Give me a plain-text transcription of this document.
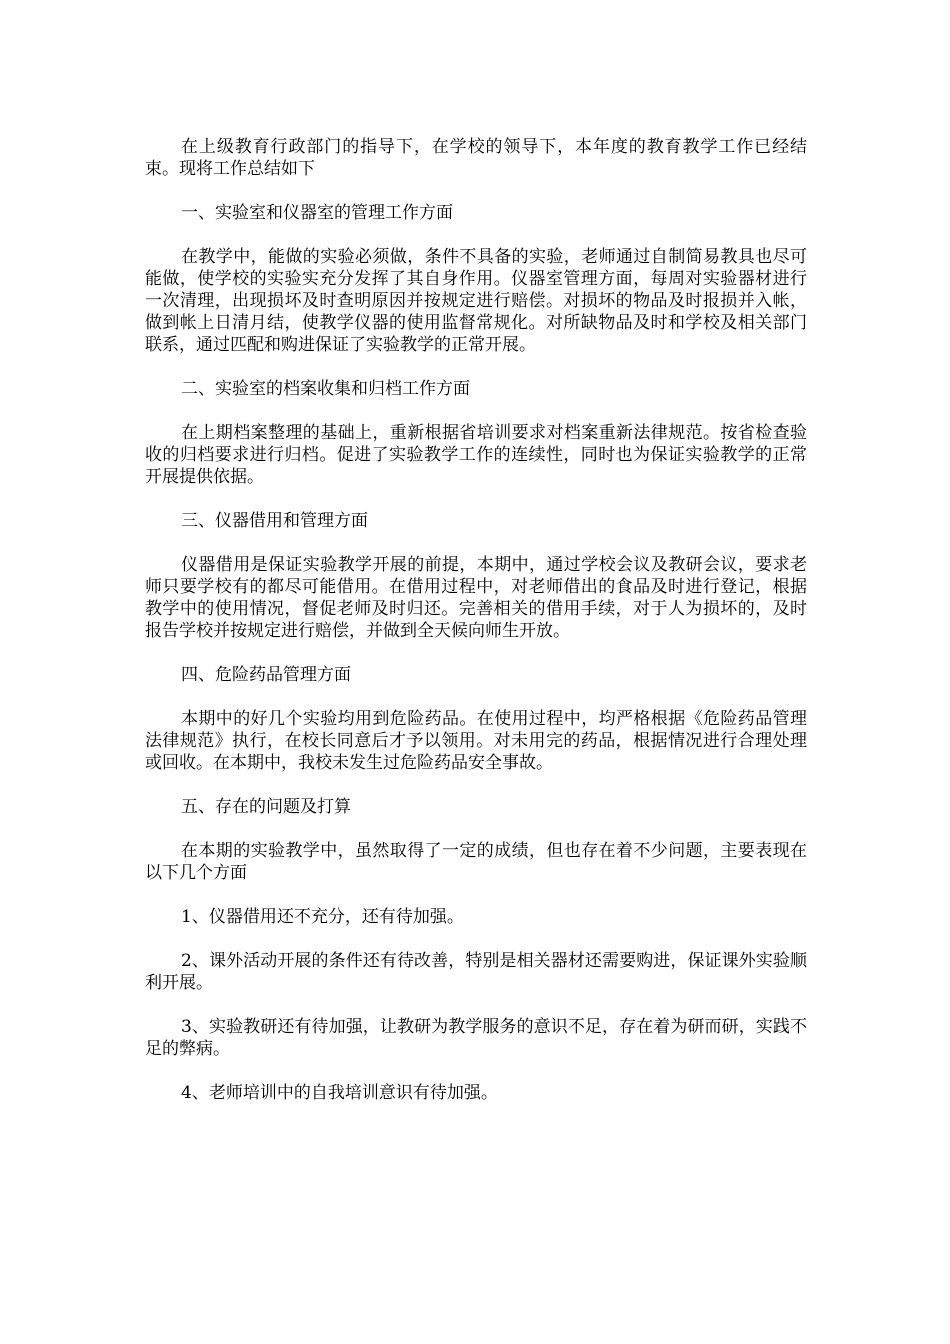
在上级教育行政部门的指导下，在学校的领导下，本年度的教育教学工作已经结束。现将工作总结如下

一、实验室和仪器室的管理工作方面

在教学中，能做的实验必须做，条件不具备的实验，老师通过自制简易教具也尽可能做，使学校的实验实充分发挥了其自身作用。仪器室管理方面，每周对实验器材进行一次清理，出现损坏及时查明原因并按规定进行赔偿。对损坏的物品及时报损并入帐，做到帐上日清月结，使教学仪器的使用监督常规化。对所缺物品及时和学校及相关部门联系，通过匹配和购进保证了实验教学的正常开展。

二、实验室的档案收集和归档工作方面

在上期档案整理的基础上，重新根据省培训要求对档案重新法律规范。按省检查验收的归档要求进行归档。促进了实验教学工作的连续性，同时也为保证实验教学的正常开展提供依据。

三、仪器借用和管理方面

仪器借用是保证实验教学开展的前提，本期中，通过学校会议及教研会议，要求老师只要学校有的都尽可能借用。在借用过程中，对老师借出的食品及时进行登记，根据教学中的使用情况，督促老师及时归还。完善相关的借用手续，对于人为损坏的，及时报告学校并按规定进行赔偿，并做到全天候向师生开放。

四、危险药品管理方面

本期中的好几个实验均用到危险药品。在使用过程中，均严格根据《危险药品管理法律规范》执行，在校长同意后才予以领用。对未用完的药品，根据情况进行合理处理或回收。在本期中，我校未发生过危险药品安全事故。

五、存在的问题及打算

在本期的实验教学中，虽然取得了一定的成绩，但也存在着不少问题，主要表现在以下几个方面

1、仪器借用还不充分，还有待加强。

2、课外活动开展的条件还有待改善，特别是相关器材还需要购进，保证课外实验顺利开展。

3、实验教研还有待加强，让教研为教学服务的意识不足，存在着为研而研，实践不足的弊病。

4、老师培训中的自我培训意识有待加强。
